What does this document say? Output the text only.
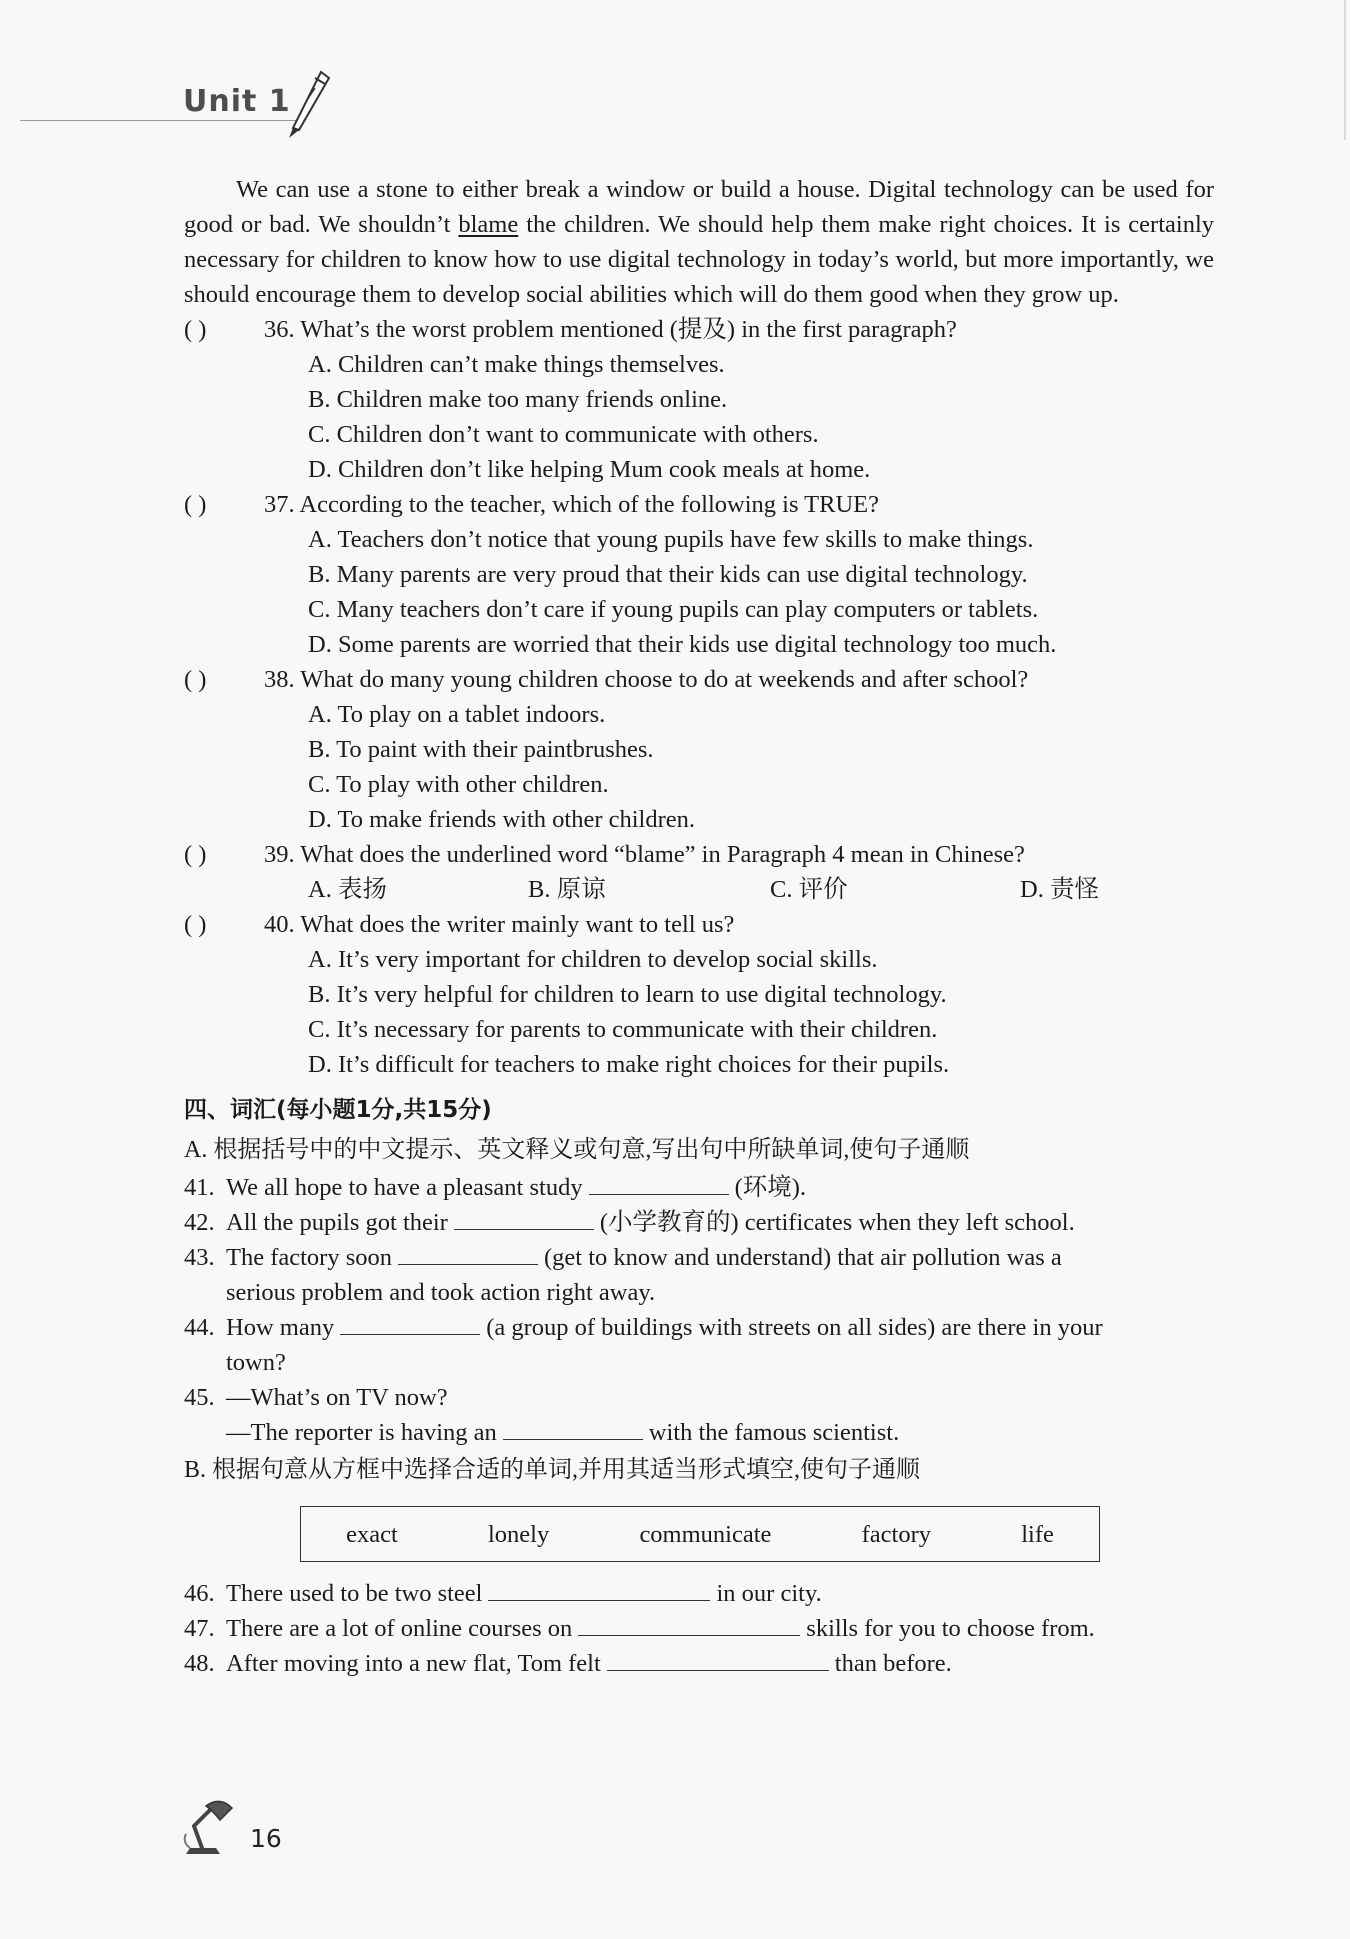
Unit 1

We can use a stone to either break a window or build a house. Digital technology can be used for good or bad. We shouldn’t blame the children. We should help them make right choices. It is certainly necessary for children to know how to use digital technology in today’s world, but more importantly, we should encourage them to develop social abilities which will do them good when they grow up.

( )	36. What’s the worst problem mentioned (提及) in the first paragraph?
A. Children can’t make things themselves.
B. Children make too many friends online.
C. Children don’t want to communicate with others.
D. Children don’t like helping Mum cook meals at home.
( )	37. According to the teacher, which of the following is TRUE?
A. Teachers don’t notice that young pupils have few skills to make things.
B. Many parents are very proud that their kids can use digital technology.
C. Many teachers don’t care if young pupils can play computers or tablets.
D. Some parents are worried that their kids use digital technology too much.
( )	38. What do many young children choose to do at weekends and after school?
A. To play on a tablet indoors.
B. To paint with their paintbrushes.
C. To play with other children.
D. To make friends with other children.
( )	39. What does the underlined word “blame” in Paragraph 4 mean in Chinese?
A. 表扬	B. 原谅	C. 评价	D. 责怪
( )	40. What does the writer mainly want to tell us?
A. It’s very important for children to develop social skills.
B. It’s very helpful for children to learn to use digital technology.
C. It’s necessary for parents to communicate with their children.
D. It’s difficult for teachers to make right choices for their pupils.
四、词汇(每小题1分,共15分)
A. 根据括号中的中文提示、英文释义或句意,写出句中所缺单词,使句子通顺
41. We all hope to have a pleasant study	(环境).
42. All the pupils got their	(小学教育的) certificates when they left school.
43. The factory soon	(get to know and understand) that air pollution was a
serious problem and took action right away.
44. How many	(a group of buildings with streets on all sides) are there in your
town?
45. —What’s on TV now?
—The reporter is having an	with the famous scientist.
B. 根据句意从方框中选择合适的单词,并用其适当形式填空,使句子通顺
exact	lonely	communicate	factory	life
46. There used to be two steel	in our city.
47. There are a lot of online courses on	skills for you to choose from.
48. After moving into a new flat, Tom felt	than before.
16
